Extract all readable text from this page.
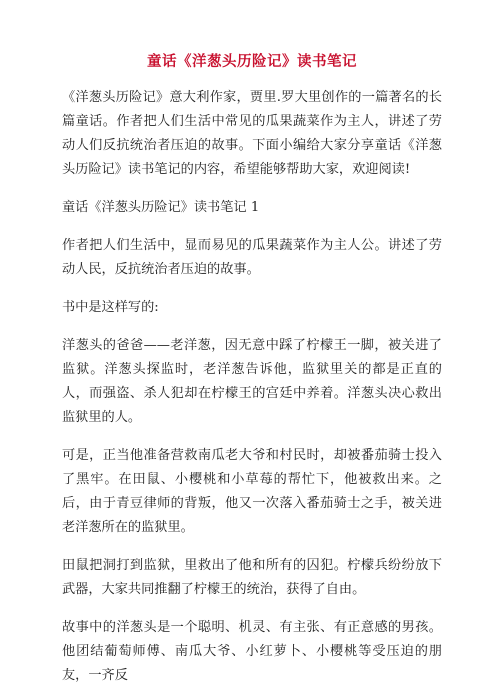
童话《洋葱头历险记》读书笔记

《洋葱头历险记》意大利作家，贾里.罗大里创作的一篇著名的长篇童话。作者把人们生活中常见的瓜果蔬菜作为主人，讲述了劳动人们反抗统治者压迫的故事。下面小编给大家分享童话《洋葱头历险记》读书笔记的内容，希望能够帮助大家，欢迎阅读!

童话《洋葱头历险记》读书笔记 1

作者把人们生活中，显而易见的瓜果蔬菜作为主人公。讲述了劳动人民，反抗统治者压迫的故事。

书中是这样写的:

洋葱头的爸爸——老洋葱，因无意中踩了柠檬王一脚，被关进了监狱。洋葱头探监时，老洋葱告诉他，监狱里关的都是正直的人，而强盗、杀人犯却在柠檬王的宫廷中养着。洋葱头决心救出监狱里的人。

可是，正当他准备营救南瓜老大爷和村民时，却被番茄骑士投入了黑牢。在田鼠、小樱桃和小草莓的帮忙下，他被救出来。之后，由于青豆律师的背叛，他又一次落入番茄骑士之手，被关进老洋葱所在的监狱里。

田鼠把洞打到监狱，里救出了他和所有的囚犯。柠檬兵纷纷放下武器，大家共同推翻了柠檬王的统治，获得了自由。

故事中的洋葱头是一个聪明、机灵、有主张、有正意感的男孩。他团结葡萄师傅、南瓜大爷、小红萝卜、小樱桃等受压迫的朋友，一齐反
